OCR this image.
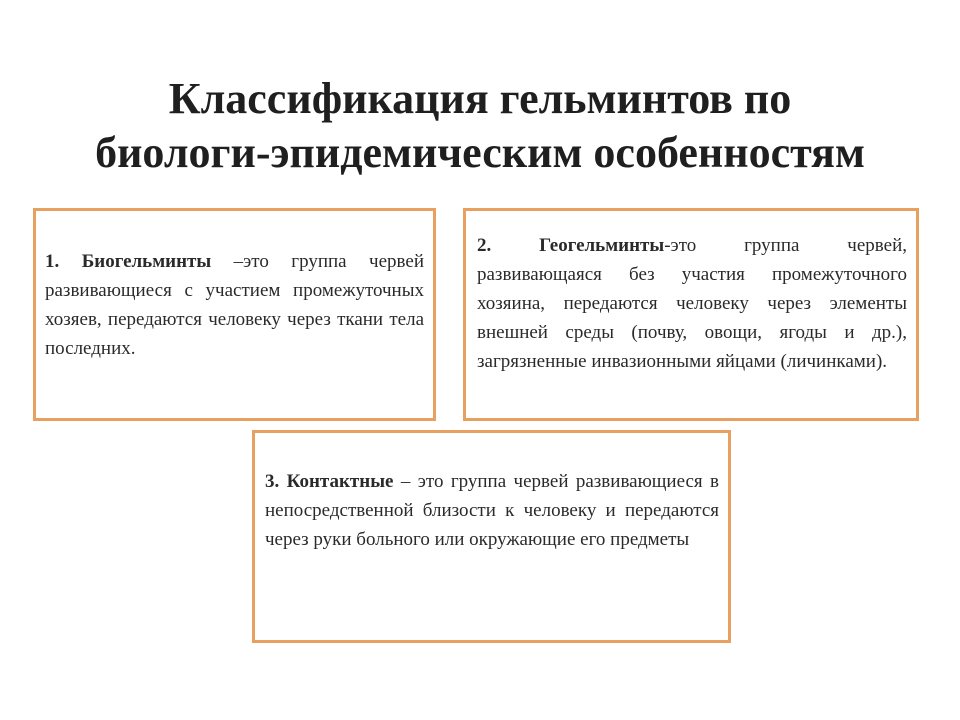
Классификация гельминтов по
биологи-эпидемическим особенностям

1. Биогельминты –это группа червей развивающиеся с участием промежуточных хозяев, передаются человеку через ткани тела последних.

2.	Геогельминты-это группа червей, развивающаяся без участия промежуточного хозяина, передаются человеку через элементы внешней среды (почву, овощи, ягоды и др.), загрязненные инвазионными яйцами (личинками).

3. Контактные – это группа червей развивающиеся в непосредственной близости к человеку и передаются через руки больного или окружающие его предметы
